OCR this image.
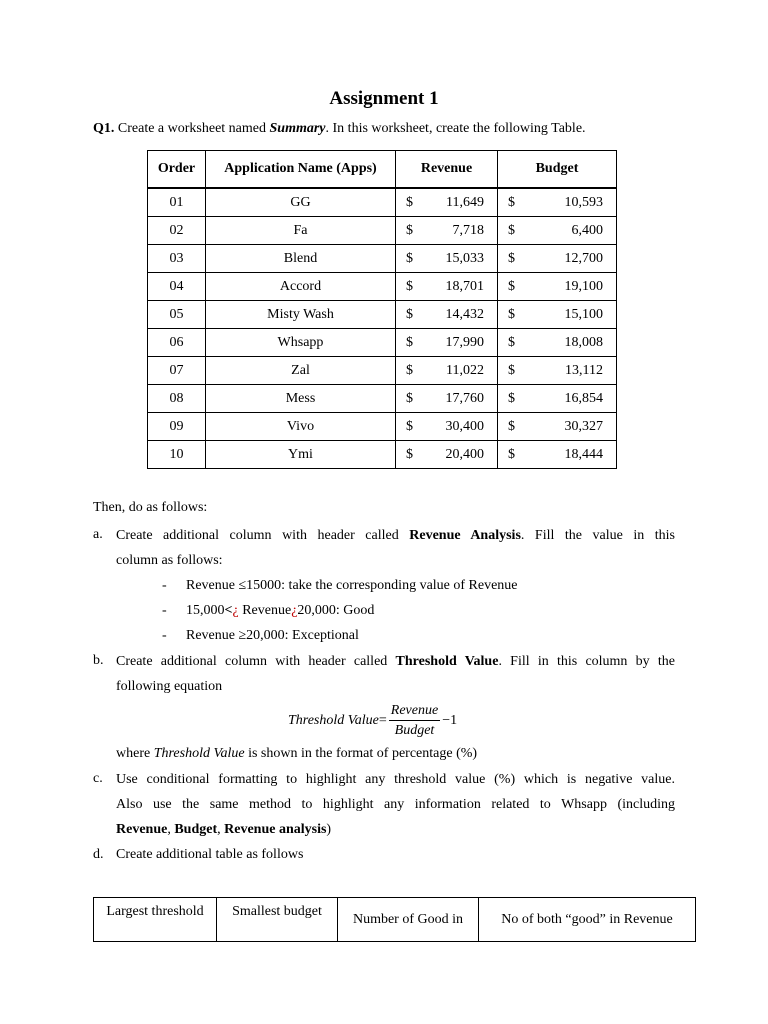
Assignment 1
Q1. Create a worksheet named Summary. In this worksheet, create the following Table.
Order	Application Name (Apps)	Revenue	Budget
01	GG	$ 11,649	$ 10,593

02	Fa	$ 7,718	$ 6,400

03	Blend	$ 15,033	$ 12,700

04	Accord	$ 18,701	$ 19,100

05	Misty Wash	$ 14,432	$ 15,100

06	Whsapp	$ 17,990	$ 18,008

07	Zal	$ 11,022	$ 13,112

08	Mess	$ 17,760	$ 16,854

09	Vivo	$ 30,400	$ 30,327

10	Ymi	$ 20,400	$ 18,444
Then, do as follows:
a. Create additional column with header called Revenue Analysis. Fill the value in this
column as follows:
- Revenue ≤15000: take the corresponding value of Revenue
- 15,000<¿ Revenue¿20,000: Good
- Revenue ≥20,000: Exceptional
b. Create additional column with header called Threshold Value. Fill in this column by the
following equation
Threshold Value = $\frac{\text{Revenue}}{\text{Budget}} -1$
where Threshold Value is shown in the format of percentage (%)
c. Use conditional formatting to highlight any threshold value (%) which is negative value.
Also use the same method to highlight any information related to Whsapp (including
Revenue, Budget, Revenue analysis)
d. Create additional table as follows
Largest threshold	Smallest budget	Number of Good in	No of both “good” in Revenue
